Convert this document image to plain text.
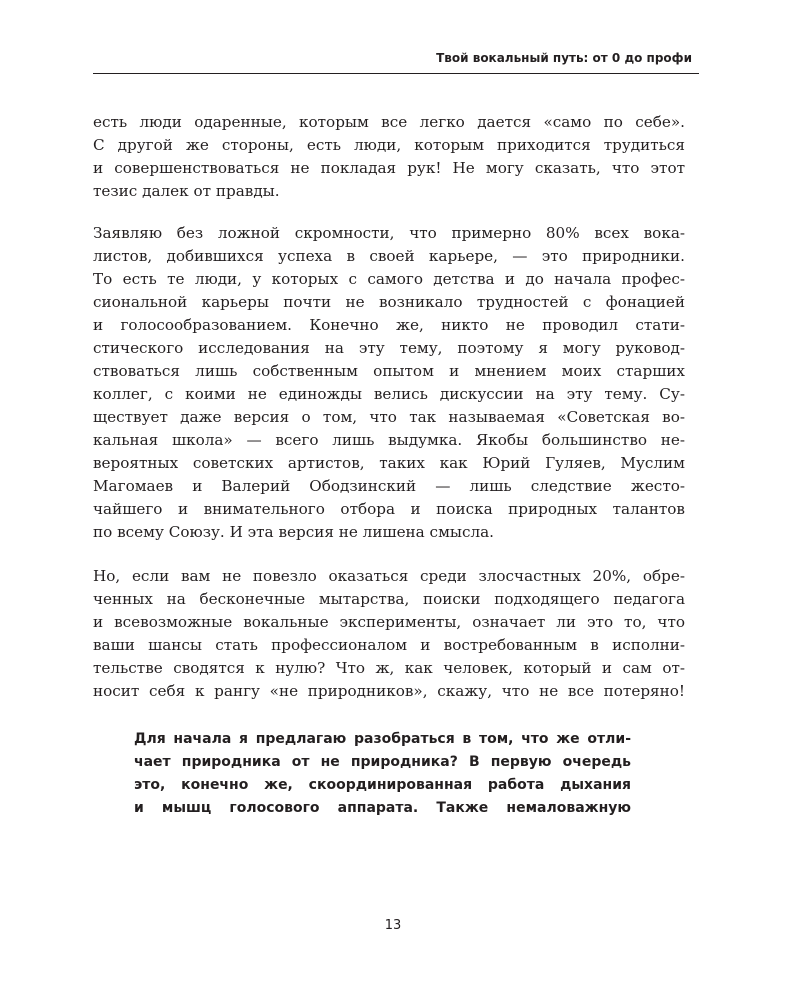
Твой вокальный путь: от 0 до профи
есть люди одаренные, которым все легко дается «само по себе».
С другой же стороны, есть люди, которым приходится трудиться
и совершенствоваться не покладая рук! Не могу сказать, что этот
тезис далек от правды.
Заявляю без ложной скромности, что примерно 80% всех вока-
листов, добившихся успеха в своей карьере, — это природники.
То есть те люди, у которых с самого детства и до начала профес-
сиональной карьеры почти не возникало трудностей с фонацией
и голосообразованием. Конечно же, никто не проводил стати-
стического исследования на эту тему, поэтому я могу руковод-
ствоваться лишь собственным опытом и мнением моих старших
коллег, с коими не единожды велись дискуссии на эту тему. Су-
ществует даже версия о том, что так называемая «Советская во-
кальная школа» — всего лишь выдумка. Якобы большинство не-
вероятных советских артистов, таких как Юрий Гуляев, Муслим
Магомаев и Валерий Ободзинский — лишь следствие жесто-
чайшего и внимательного отбора и поиска природных талантов
по всему Союзу. И эта версия не лишена смысла.
Но, если вам не повезло оказаться среди злосчастных 20%, обре-
ченных на бесконечные мытарства, поиски подходящего педагога
и всевозможные вокальные эксперименты, означает ли это то, что
ваши шансы стать профессионалом и востребованным в исполни-
тельстве сводятся к нулю? Что ж, как человек, который и сам от-
носит себя к рангу «не природников», скажу, что не все потеряно!
Для начала я предлагаю разобраться в том, что же отли-
чает природника от не природника? В первую очередь
это, конечно же, скоординированная работа дыхания
и мышц голосового аппарата. Также немаловажную
13
